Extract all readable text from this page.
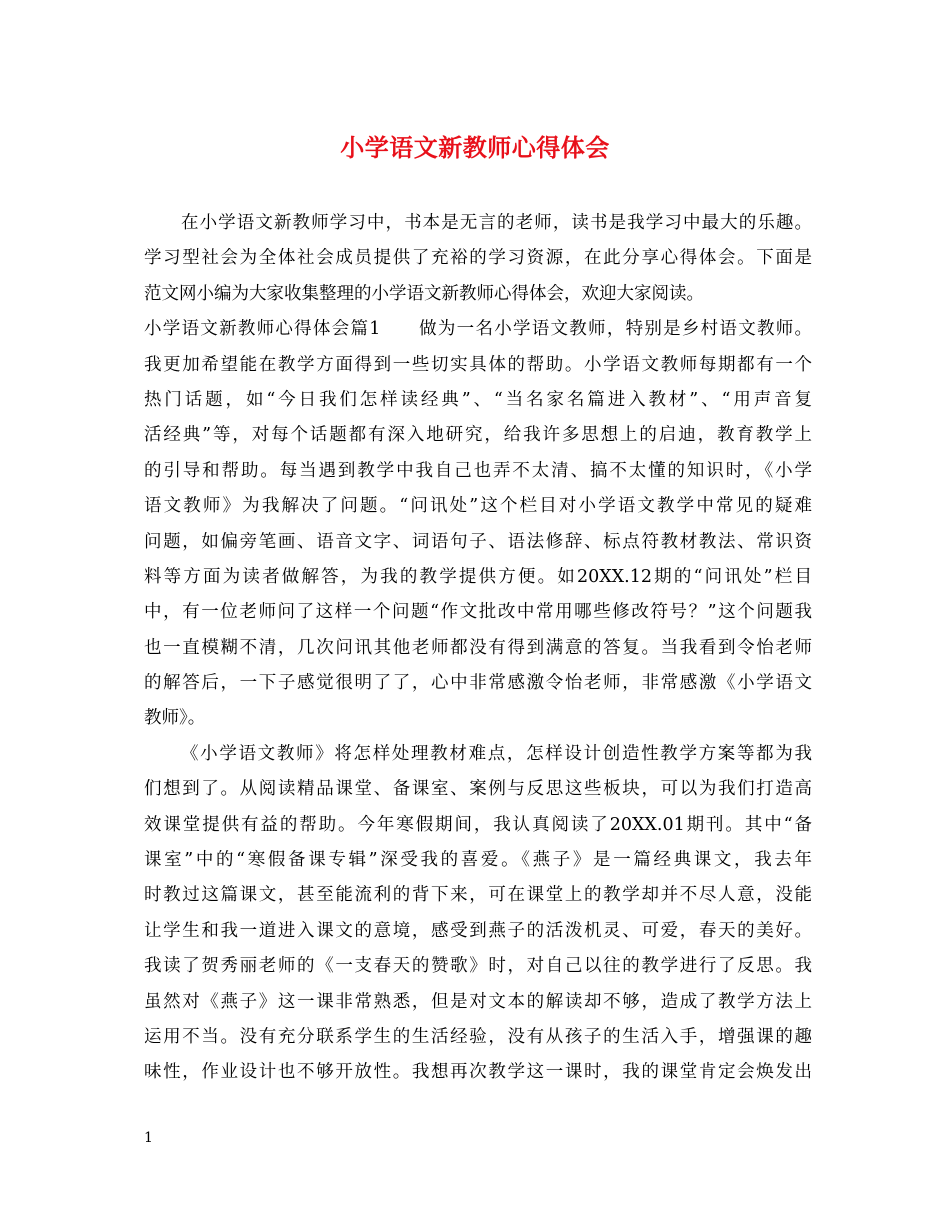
小学语文新教师心得体会
在小学语文新教师学习中，书本是无言的老师，读书是我学习中最大的乐趣。
学习型社会为全体社会成员提供了充裕的学习资源，在此分享心得体会。下面是
范文网小编为大家收集整理的小学语文新教师心得体会，欢迎大家阅读。
小学语文新教师心得体会篇1　　做为一名小学语文教师，特别是乡村语文教师。
我更加希望能在教学方面得到一些切实具体的帮助。小学语文教师每期都有一个
热门话题，如“今日我们怎样读经典”、“当名家名篇进入教材”、“用声音复
活经典”等，对每个话题都有深入地研究，给我许多思想上的启迪，教育教学上
的引导和帮助。每当遇到教学中我自己也弄不太清、搞不太懂的知识时，《小学
语文教师》为我解决了问题。“问讯处”这个栏目对小学语文教学中常见的疑难
问题，如偏旁笔画、语音文字、词语句子、语法修辞、标点符教材教法、常识资
料等方面为读者做解答，为我的教学提供方便。如20XX.12期的“问讯处”栏目
中，有一位老师问了这样一个问题“作文批改中常用哪些修改符号？”这个问题我
也一直模糊不清，几次问讯其他老师都没有得到满意的答复。当我看到令怡老师
的解答后，一下子感觉很明了了，心中非常感激令怡老师，非常感激《小学语文
教师》。
《小学语文教师》将怎样处理教材难点，怎样设计创造性教学方案等都为我
们想到了。从阅读精品课堂、备课室、案例与反思这些板块，可以为我们打造高
效课堂提供有益的帮助。今年寒假期间，我认真阅读了20XX.01期刊。其中“备
课室”中的“寒假备课专辑”深受我的喜爱。《燕子》是一篇经典课文，我去年
时教过这篇课文，甚至能流利的背下来，可在课堂上的教学却并不尽人意，没能
让学生和我一道进入课文的意境，感受到燕子的活泼机灵、可爱，春天的美好。
我读了贺秀丽老师的《一支春天的赞歌》时，对自己以往的教学进行了反思。我
虽然对《燕子》这一课非常熟悉，但是对文本的解读却不够，造成了教学方法上
运用不当。没有充分联系学生的生活经验，没有从孩子的生活入手，增强课的趣
味性，作业设计也不够开放性。我想再次教学这一课时，我的课堂肯定会焕发出
1
